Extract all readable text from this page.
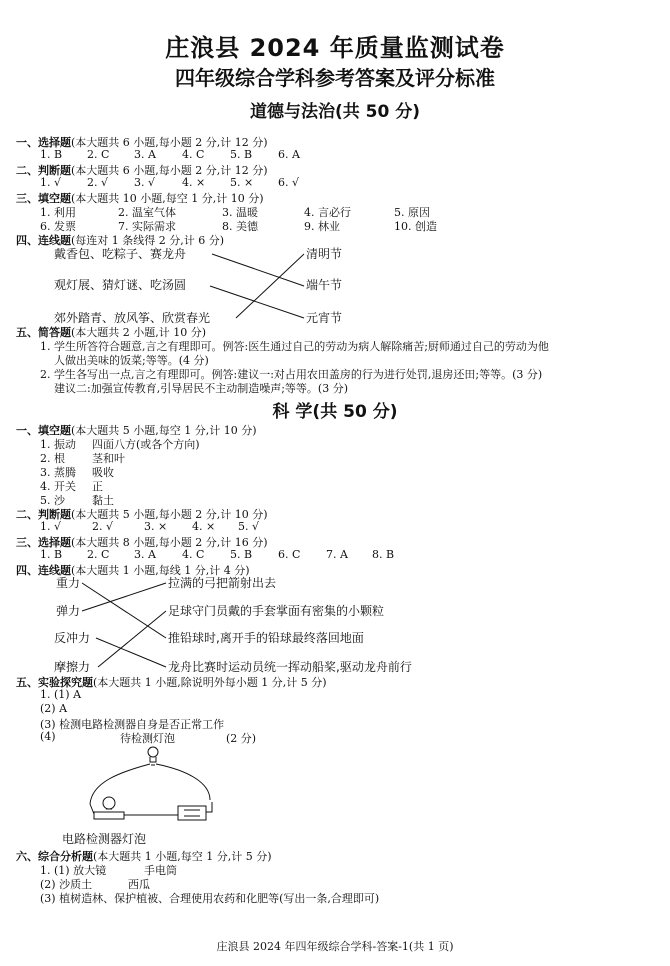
庄浪县 2024 年质量监测试卷
四年级综合学科参考答案及评分标准
道德与法治(共 50 分)
一、选择题(本大题共 6 小题,每小题 2 分,计 12 分)
1. B 2. C 3. A 4. C 5. B 6. A
二、判断题(本大题共 6 小题,每小题 2 分,计 12 分)
1. √ 2. √ 3. √ 4. × 5. × 6. √
三、填空题(本大题共 10 小题,每空 1 分,计 10 分)
1. 利用	2. 温室气体	3. 温暖	4. 言必行	5. 原因
6. 发票	7. 实际需求	8. 美德	9. 林业	10. 创造
四、连线题(每连对 1 条线得 2 分,计 6 分)
戴香包、吃粽子、赛龙舟
观灯展、猜灯谜、吃汤圆
郊外踏青、放风筝、欣赏春光
清明节
端午节
元宵节
五、简答题(本大题共 2 小题,计 10 分)
1. 学生所答符合题意,言之有理即可。例答:医生通过自己的劳动为病人解除痛苦;厨师通过自己的劳动为他
人做出美味的饭菜;等等。(4 分)
2. 学生各写出一点,言之有理即可。例答:建议一:对占用农田盖房的行为进行处罚,退房还田;等等。(3 分)
建议二:加强宣传教育,引导居民不主动制造噪声;等等。(3 分)
科 学(共 50 分)
一、填空题(本大题共 5 小题,每空 1 分,计 10 分)
1. 振动 四面八方(或各个方向)
2. 根 茎和叶
3. 蒸腾 吸收
4. 开关 正
5. 沙 黏土
二、判断题(本大题共 5 小题,每小题 2 分,计 10 分)
1. √	2. √	3. × 4. × 5. √
三、选择题(本大题共 8 小题,每小题 2 分,计 16 分)
1. B 2. C 3. A 4. C 5. B 6. C 7. A 8. B
四、连线题(本大题共 1 小题,每线 1 分,计 4 分)
重力
弹力
反冲力
摩擦力
拉满的弓把箭射出去
足球守门员戴的手套掌面有密集的小颗粒
推铅球时,离开手的铅球最终落回地面
龙舟比赛时运动员统一挥动船桨,驱动龙舟前行
五、实验探究题(本大题共 1 小题,除说明外每小题 1 分,计 5 分)
1. (1) A
(2) A
(3) 检测电路检测器自身是否正常工作
(4)	待检测灯泡	(2 分)
电路检测器灯泡
六、综合分析题(本大题共 1 小题,每空 1 分,计 5 分)
1. (1) 放大镜	手电筒
(2) 沙质土	西瓜
(3) 植树造林、保护植被、合理使用农药和化肥等(写出一条,合理即可)
庄浪县 2024 年四年级综合学科-答案-1(共 1 页)
